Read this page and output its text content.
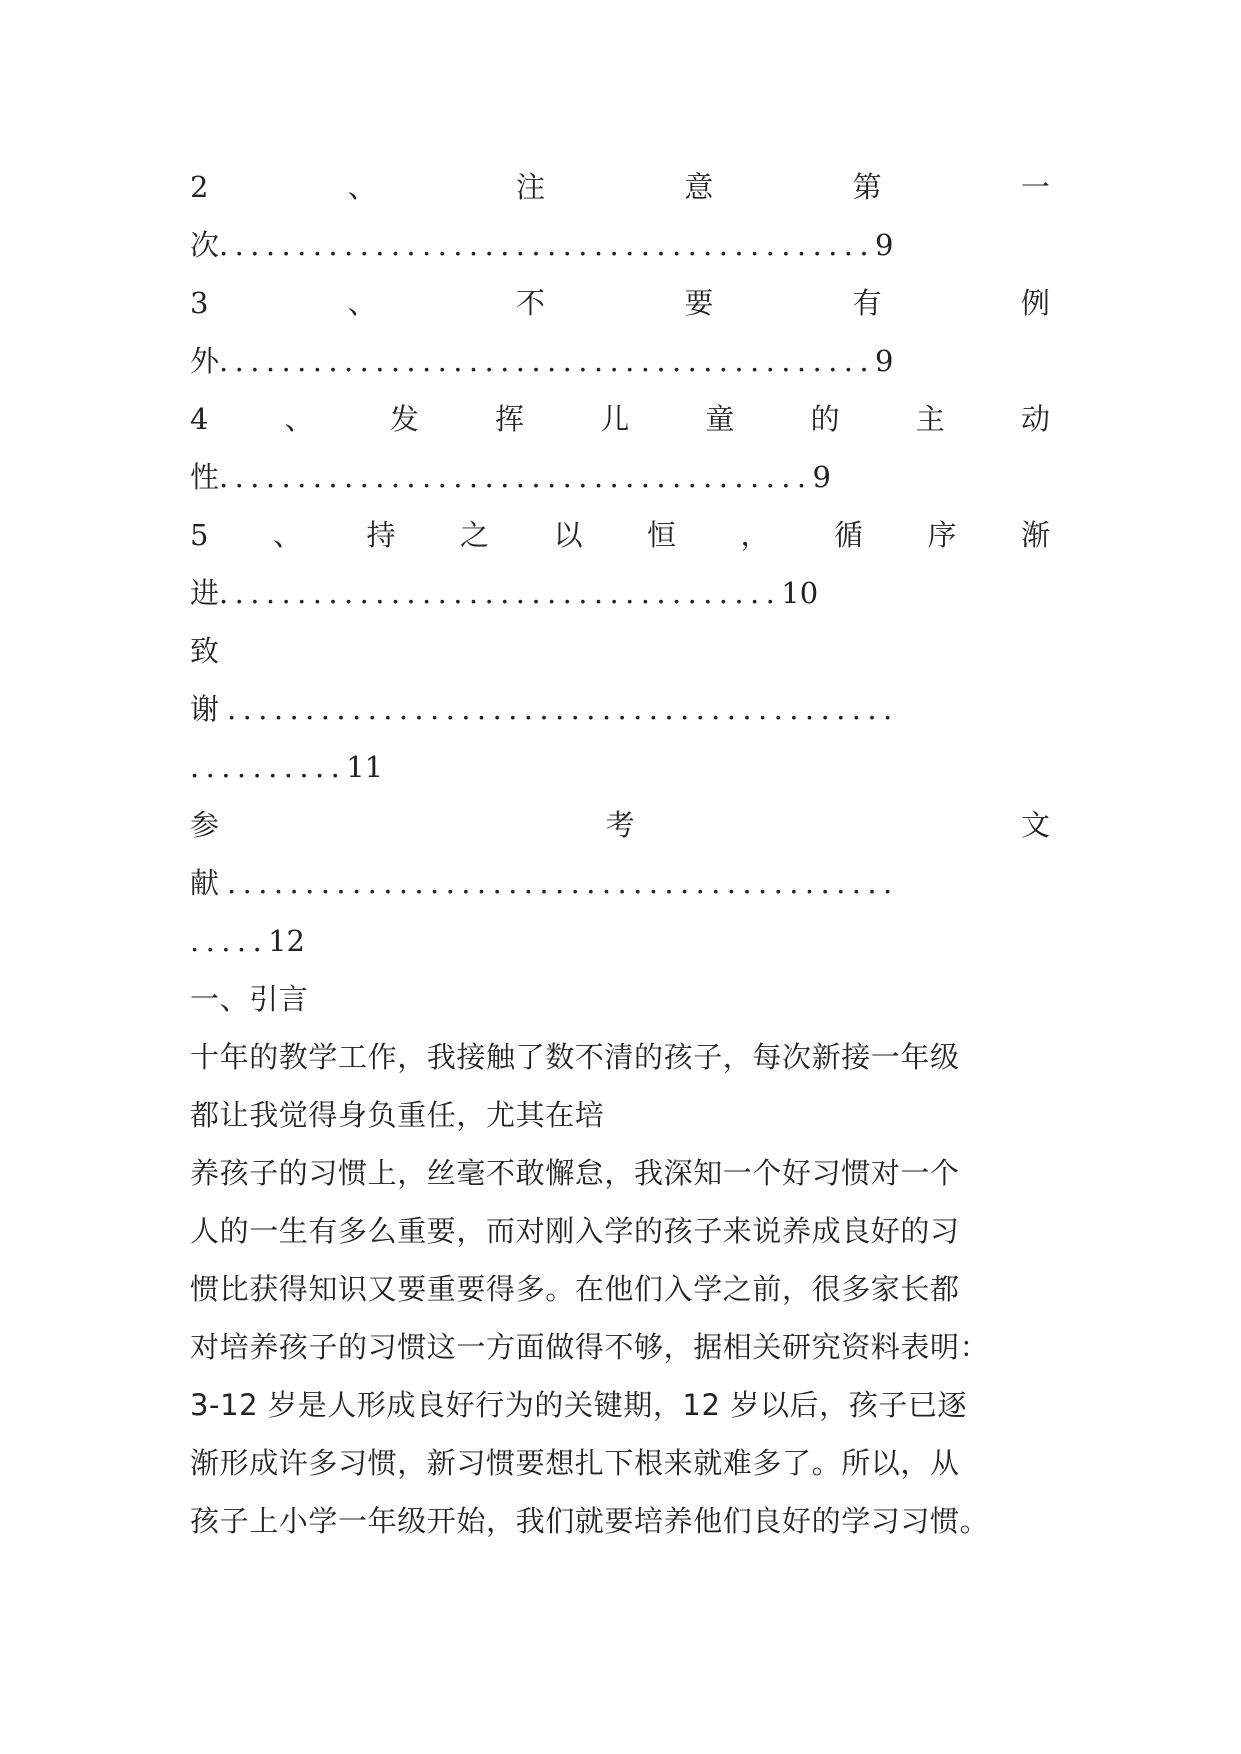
2	、	注	意	第	一
次 .......................................... 9
3	、	不	要	有	例
外 .......................................... 9
4	、	发	挥	儿	童	的	主	动
性 ...................................... 9
5 、 持 之 以 恒 ， 循 序 渐
进 .................................... 10
致
谢 ...........................................
.......... 11
参	考	文
献 ...........................................
..... 12
一、引言
十年的教学工作，我接触了数不清的孩子，每次新接一年级
都让我觉得身负重任，尤其在培
养孩子的习惯上，丝毫不敢懈怠，我深知一个好习惯对一个
人的一生有多么重要，而对刚入学的孩子来说养成良好的习
惯比获得知识又要重要得多。在他们入学之前，很多家长都
对培养孩子的习惯这一方面做得不够，据相关研究资料表明：
3-12 岁是人形成良好行为的关键期，12 岁以后，孩子已逐
渐形成许多习惯，新习惯要想扎下根来就难多了。所以，从
孩子上小学一年级开始，我们就要培养他们良好的学习习惯。
